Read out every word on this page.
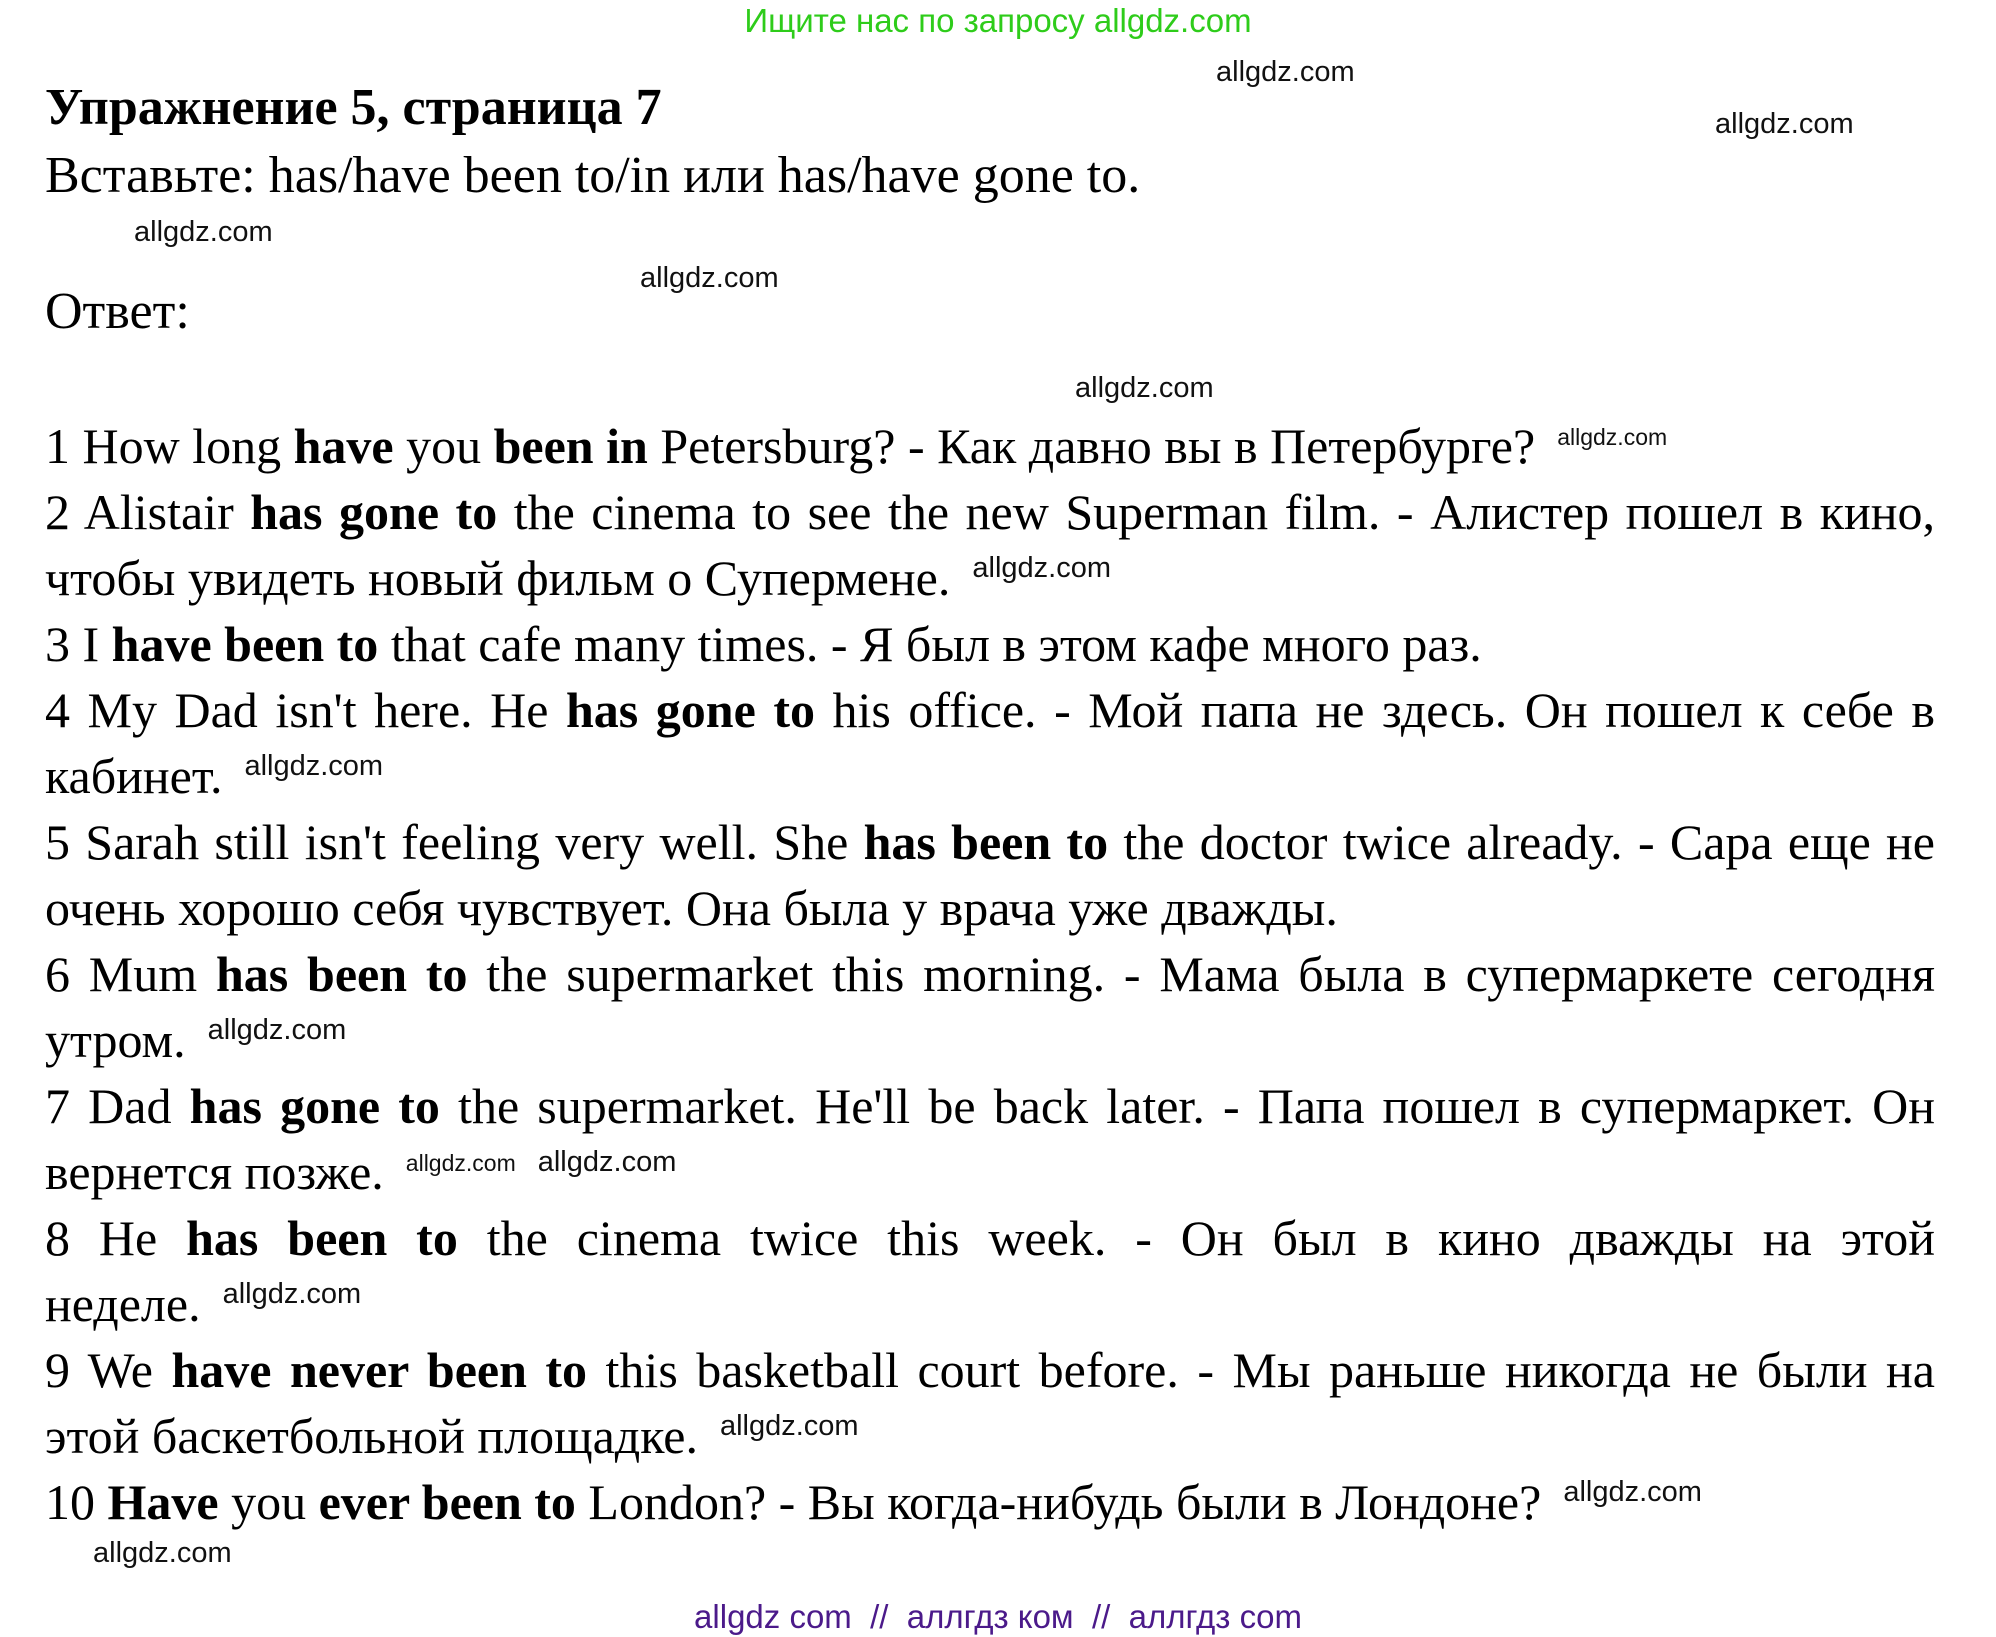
Ищите нас по запросу allgdz.com
Упражнение 5, страница 7
Вставьте: has/have been to/in или has/have gone to.
Ответ:

1 How long have you been in Petersburg? - Как давно вы в Петербурге? $^{allgdz.com}$

2 Alistair has gone to the cinema to see the new Superman film. - Алистер пошел в кино, чтобы увидеть новый фильм о Супермене. $^{allgdz.com}$

3 I have been to that cafe many times. - Я был в этом кафе много раз.

4 My Dad isn't here. He has gone to his office. - Мой папа не здесь. Он пошел к себе в кабинет. $^{allgdz.com}$

5 Sarah still isn't feeling very well. She has been to the doctor twice already. - Сара еще не очень хорошо себя чувствует. Она была у врача уже дважды.

6 Mum has been to the supermarket this morning. - Мама была в супермаркете сегодня утром. $^{allgdz.com}$

7 Dad has gone to the supermarket. He'll be back later. - Папа пошел в супермаркет. Он вернется позже. $^{allgdz.com}$ $^{allgdz.com}$

8 He has been to the cinema twice this week. - Он был в кино дважды на этой неделе. $^{allgdz.com}$

9 We have never been to this basketball court before. - Мы раньше никогда не были на этой баскетбольной площадке. $^{allgdz.com}$

10 Have you ever been to London? - Вы когда-нибудь были в Лондоне? $^{allgdz.com}$

allgdz.com
allgdz.com
allgdz.com
allgdz.com
allgdz.com
allgdz.com
allgdz com  //  аллгдз ком  //  аллгдз com
